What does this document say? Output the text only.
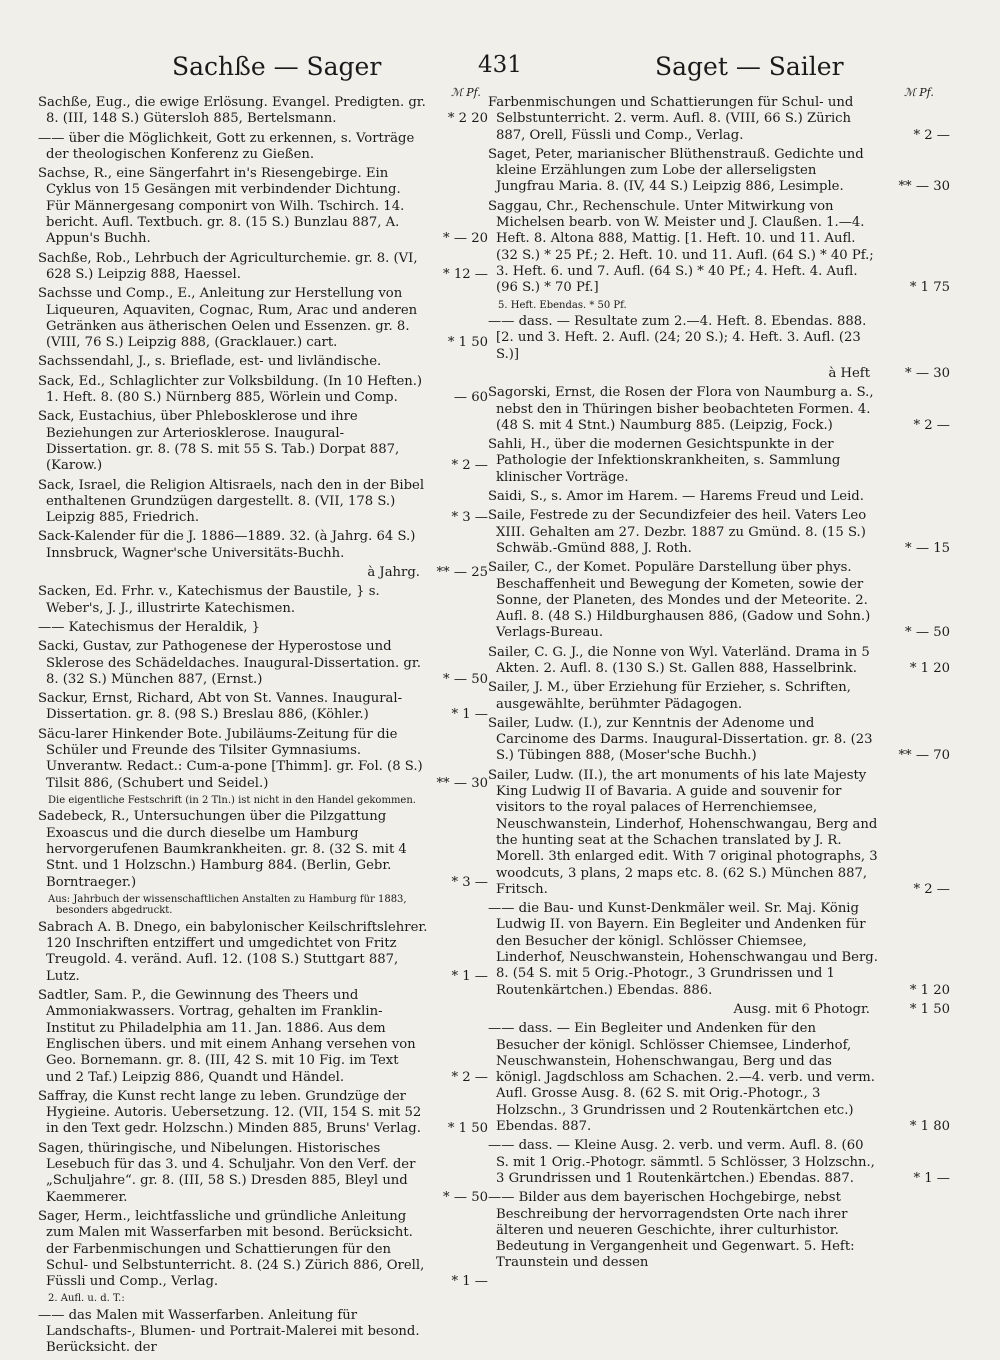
Sachße — Sager	431	Saget — Sailer
ℳ Pf.	ℳ Pf.
Sachße, Eug., die ewige Erlösung. Evangel. Predigten. gr. 8. (III, 148 S.) Gütersloh 885, Bertelsmann.	* 2 20
—— über die Möglichkeit, Gott zu erkennen, s. Vorträge der theologischen Konferenz zu Gießen.
Sachse, R., eine Sängerfahrt in's Riesengebirge. Ein Cyklus von 15 Gesängen mit verbindender Dichtung. Für Männergesang componirt von Wilh. Tschirch. 14. bericht. Aufl. Textbuch. gr. 8. (15 S.) Bunzlau 887, A. Appun's Buchh.	* — 20
Sachße, Rob., Lehrbuch der Agriculturchemie. gr. 8. (VI, 628 S.) Leipzig 888, Haessel.	* 12 —
Sachsse und Comp., E., Anleitung zur Herstellung von Liqueuren, Aquaviten, Cognac, Rum, Arac und anderen Getränken aus ätherischen Oelen und Essenzen. gr. 8. (VIII, 76 S.) Leipzig 888, (Gracklauer.) cart.	* 1 50
Sachssendahl, J., s. Brieflade, est- und livländische.
Sack, Ed., Schlaglichter zur Volksbildung. (In 10 Heften.) 1. Heft. 8. (80 S.) Nürnberg 885, Wörlein und Comp.	— 60
Sack, Eustachius, über Phlebosklerose und ihre Beziehungen zur Arteriosklerose. Inaugural-Dissertation. gr. 8. (78 S. mit 55 S. Tab.) Dorpat 887, (Karow.)	* 2 —
Sack, Israel, die Religion Altisraels, nach den in der Bibel enthaltenen Grundzügen dargestellt. 8. (VII, 178 S.) Leipzig 885, Friedrich.	* 3 —
Sack-Kalender für die J. 1886—1889. 32. (à Jahrg. 64 S.) Innsbruck, Wagner'sche Universitäts-Buchh.
à Jahrg.	** — 25
Sacken, Ed. Frhr. v., Katechismus der Baustile, } s. Weber's, J. J., illustrirte Katechismen.
—— Katechismus der Heraldik, }
Sacki, Gustav, zur Pathogenese der Hyperostose und Sklerose des Schädeldaches. Inaugural-Dissertation. gr. 8. (32 S.) München 887, (Ernst.)	* — 50
Sackur, Ernst, Richard, Abt von St. Vannes. Inaugural-Dissertation. gr. 8. (98 S.) Breslau 886, (Köhler.)	* 1 —
Säcu-larer Hinkender Bote. Jubiläums-Zeitung für die Schüler und Freunde des Tilsiter Gymnasiums. Unverantw. Redact.: Cum-a-pone [Thimm]. gr. Fol. (8 S.) Tilsit 886, (Schubert und Seidel.)	** — 30
Die eigentliche Festschrift (in 2 Tln.) ist nicht in den Handel gekommen.
Sadebeck, R., Untersuchungen über die Pilzgattung Exoascus und die durch dieselbe um Hamburg hervorgerufenen Baumkrankheiten. gr. 8. (32 S. mit 4 Stnt. und 1 Holzschn.) Hamburg 884. (Berlin, Gebr. Borntraeger.)	* 3 —
Aus: Jahrbuch der wissenschaftlichen Anstalten zu Hamburg für 1883, besonders abgedruckt.
Sabrach A. B. Dnego, ein babylonischer Keilschriftslehrer. 120 Inschriften entziffert und umgedichtet von Fritz Treugold. 4. veränd. Aufl. 12. (108 S.) Stuttgart 887, Lutz.	* 1 —
Sadtler, Sam. P., die Gewinnung des Theers und Ammoniakwassers. Vortrag, gehalten im Franklin-Institut zu Philadelphia am 11. Jan. 1886. Aus dem Englischen übers. und mit einem Anhang versehen von Geo. Bornemann. gr. 8. (III, 42 S. mit 10 Fig. im Text und 2 Taf.) Leipzig 886, Quandt und Händel.	* 2 —
Saffray, die Kunst recht lange zu leben. Grundzüge der Hygieine. Autoris. Uebersetzung. 12. (VII, 154 S. mit 52 in den Text gedr. Holzschn.) Minden 885, Bruns' Verlag.	* 1 50
Sagen, thüringische, und Nibelungen. Historisches Lesebuch für das 3. und 4. Schuljahr. Von den Verf. der „Schuljahre“. gr. 8. (III, 58 S.) Dresden 885, Bleyl und Kaemmerer.	* — 50
Sager, Herm., leichtfassliche und gründliche Anleitung zum Malen mit Wasserfarben mit besond. Berücksicht. der Farbenmischungen und Schattierungen für den Schul- und Selbstunterricht. 8. (24 S.) Zürich 886, Orell, Füssli und Comp., Verlag.	* 1 —
2. Aufl. u. d. T.:
—— das Malen mit Wasserfarben. Anleitung für Landschafts-, Blumen- und Portrait-Malerei mit besond. Berücksicht. der
Farbenmischungen und Schattierungen für Schul- und Selbstunterricht. 2. verm. Aufl. 8. (VIII, 66 S.) Zürich 887, Orell, Füssli und Comp., Verlag.	* 2 —
Saget, Peter, marianischer Blüthenstrauß. Gedichte und kleine Erzählungen zum Lobe der allerseligsten Jungfrau Maria. 8. (IV, 44 S.) Leipzig 886, Lesimple.	** — 30
Saggau, Chr., Rechenschule. Unter Mitwirkung von Michelsen bearb. von W. Meister und J. Claußen. 1.—4. Heft. 8. Altona 888, Mattig. [1. Heft. 10. und 11. Aufl. (32 S.) * 25 Pf.; 2. Heft. 10. und 11. Aufl. (64 S.) * 40 Pf.; 3. Heft. 6. und 7. Aufl. (64 S.) * 40 Pf.; 4. Heft. 4. Aufl. (96 S.) * 70 Pf.]	* 1 75
5. Heft. Ebendas. * 50 Pf.
—— dass. — Resultate zum 2.—4. Heft. 8. Ebendas. 888. [2. und 3. Heft. 2. Aufl. (24; 20 S.); 4. Heft. 3. Aufl. (23 S.)]
à Heft	* — 30
Sagorski, Ernst, die Rosen der Flora von Naumburg a. S., nebst den in Thüringen bisher beobachteten Formen. 4. (48 S. mit 4 Stnt.) Naumburg 885. (Leipzig, Fock.)	* 2 —
Sahli, H., über die modernen Gesichtspunkte in der Pathologie der Infektionskrankheiten, s. Sammlung klinischer Vorträge.
Saidi, S., s. Amor im Harem. — Harems Freud und Leid.
Saile, Festrede zu der Secundizfeier des heil. Vaters Leo XIII. Gehalten am 27. Dezbr. 1887 zu Gmünd. 8. (15 S.) Schwäb.-Gmünd 888, J. Roth.	* — 15
Sailer, C., der Komet. Populäre Darstellung über phys. Beschaffenheit und Bewegung der Kometen, sowie der Sonne, der Planeten, des Mondes und der Meteorite. 2. Aufl. 8. (48 S.) Hildburghausen 886, (Gadow und Sohn.) Verlags-Bureau.	* — 50
Sailer, C. G. J., die Nonne von Wyl. Vaterländ. Drama in 5 Akten. 2. Aufl. 8. (130 S.) St. Gallen 888, Hasselbrink.	* 1 20
Sailer, J. M., über Erziehung für Erzieher, s. Schriften, ausgewählte, berühmter Pädagogen.
Sailer, Ludw. (I.), zur Kenntnis der Adenome und Carcinome des Darms. Inaugural-Dissertation. gr. 8. (23 S.) Tübingen 888, (Moser'sche Buchh.)	** — 70
Sailer, Ludw. (II.), the art monuments of his late Majesty King Ludwig II of Bavaria. A guide and souvenir for visitors to the royal palaces of Herrenchiemsee, Neuschwanstein, Linderhof, Hohenschwangau, Berg and the hunting seat at the Schachen translated by J. R. Morell. 3th enlarged edit. With 7 original photographs, 3 woodcuts, 3 plans, 2 maps etc. 8. (62 S.) München 887, Fritsch.	* 2 —
—— die Bau- und Kunst-Denkmäler weil. Sr. Maj. König Ludwig II. von Bayern. Ein Begleiter und Andenken für den Besucher der königl. Schlösser Chiemsee, Linderhof, Neuschwanstein, Hohenschwangau und Berg. 8. (54 S. mit 5 Orig.-Photogr., 3 Grundrissen und 1 Routenkärtchen.) Ebendas. 886.	* 1 20
Ausg. mit 6 Photogr.	* 1 50
—— dass. — Ein Begleiter und Andenken für den Besucher der königl. Schlösser Chiemsee, Linderhof, Neuschwanstein, Hohenschwangau, Berg und das königl. Jagdschloss am Schachen. 2.—4. verb. und verm. Aufl. Grosse Ausg. 8. (62 S. mit Orig.-Photogr., 3 Holzschn., 3 Grundrissen und 2 Routenkärtchen etc.) Ebendas. 887.	* 1 80
—— dass. — Kleine Ausg. 2. verb. und verm. Aufl. 8. (60 S. mit 1 Orig.-Photogr. sämmtl. 5 Schlösser, 3 Holzschn., 3 Grundrissen und 1 Routenkärtchen.) Ebendas. 887.	* 1 —
—— Bilder aus dem bayerischen Hochgebirge, nebst Beschreibung der hervorragendsten Orte nach ihrer älteren und neueren Geschichte, ihrer culturhistor. Bedeutung in Vergangenheit und Gegenwart. 5. Heft: Traunstein und dessen
